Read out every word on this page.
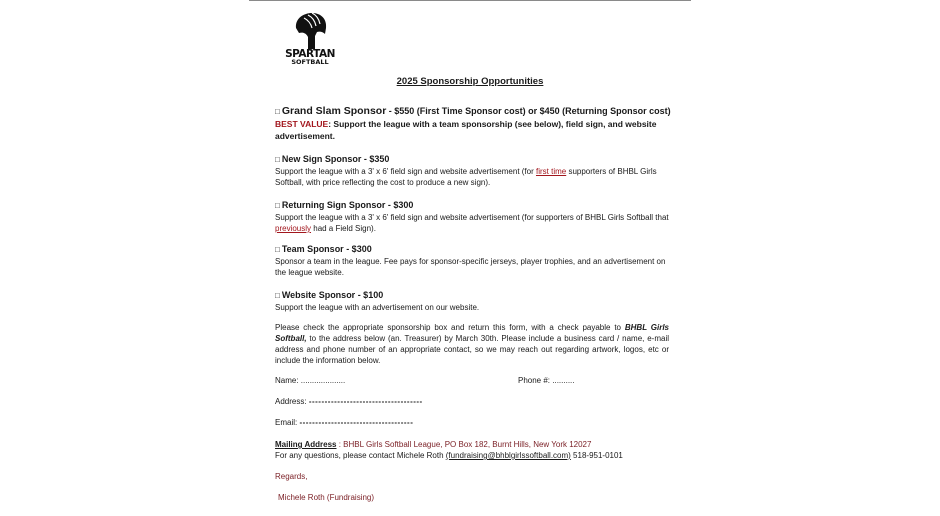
SPARTAN
SOFTBALL
2025 Sponsorship Opportunities
□ Grand Slam Sponsor - $550 (First Time Sponsor cost) or $450 (Returning Sponsor cost)
BEST VALUE: Support the league with a team sponsorship (see below), field sign, and website advertisement.
□ New Sign Sponsor - $350
Support the league with a 3' x 6' field sign and website advertisement (for first time supporters of BHBL Girls Softball, with price reflecting the cost to produce a new sign).
□ Returning Sign Sponsor - $300
Support the league with a 3' x 6' field sign and website advertisement (for supporters of BHBL Girls Softball that previously had a Field Sign).
□ Team Sponsor - $300
Sponsor a team in the league. Fee pays for sponsor-specific jerseys, player trophies, and an advertisement on the league website.
□ Website Sponsor - $100
Support the league with an advertisement on our website.
Please check the appropriate sponsorship box and return this form, with a check payable to BHBL Girls Softball, to the address below (an. Treasurer) by March 30th. Please include a business card / name, e-mail address and phone number of an appropriate contact, so we may reach out regarding artwork, logos, etc or include the information below.
Name: ....................	Phone #: ..........
Address: ------------------------------------
Email: ------------------------------------
Mailing Address : BHBL Girls Softball League, PO Box 182, Burnt Hills, New York 12027
For any questions, please contact Michele Roth (fundraising@bhblgirlssoftball.com) 518-951-0101
Regards,
Michele Roth (Fundraising)
